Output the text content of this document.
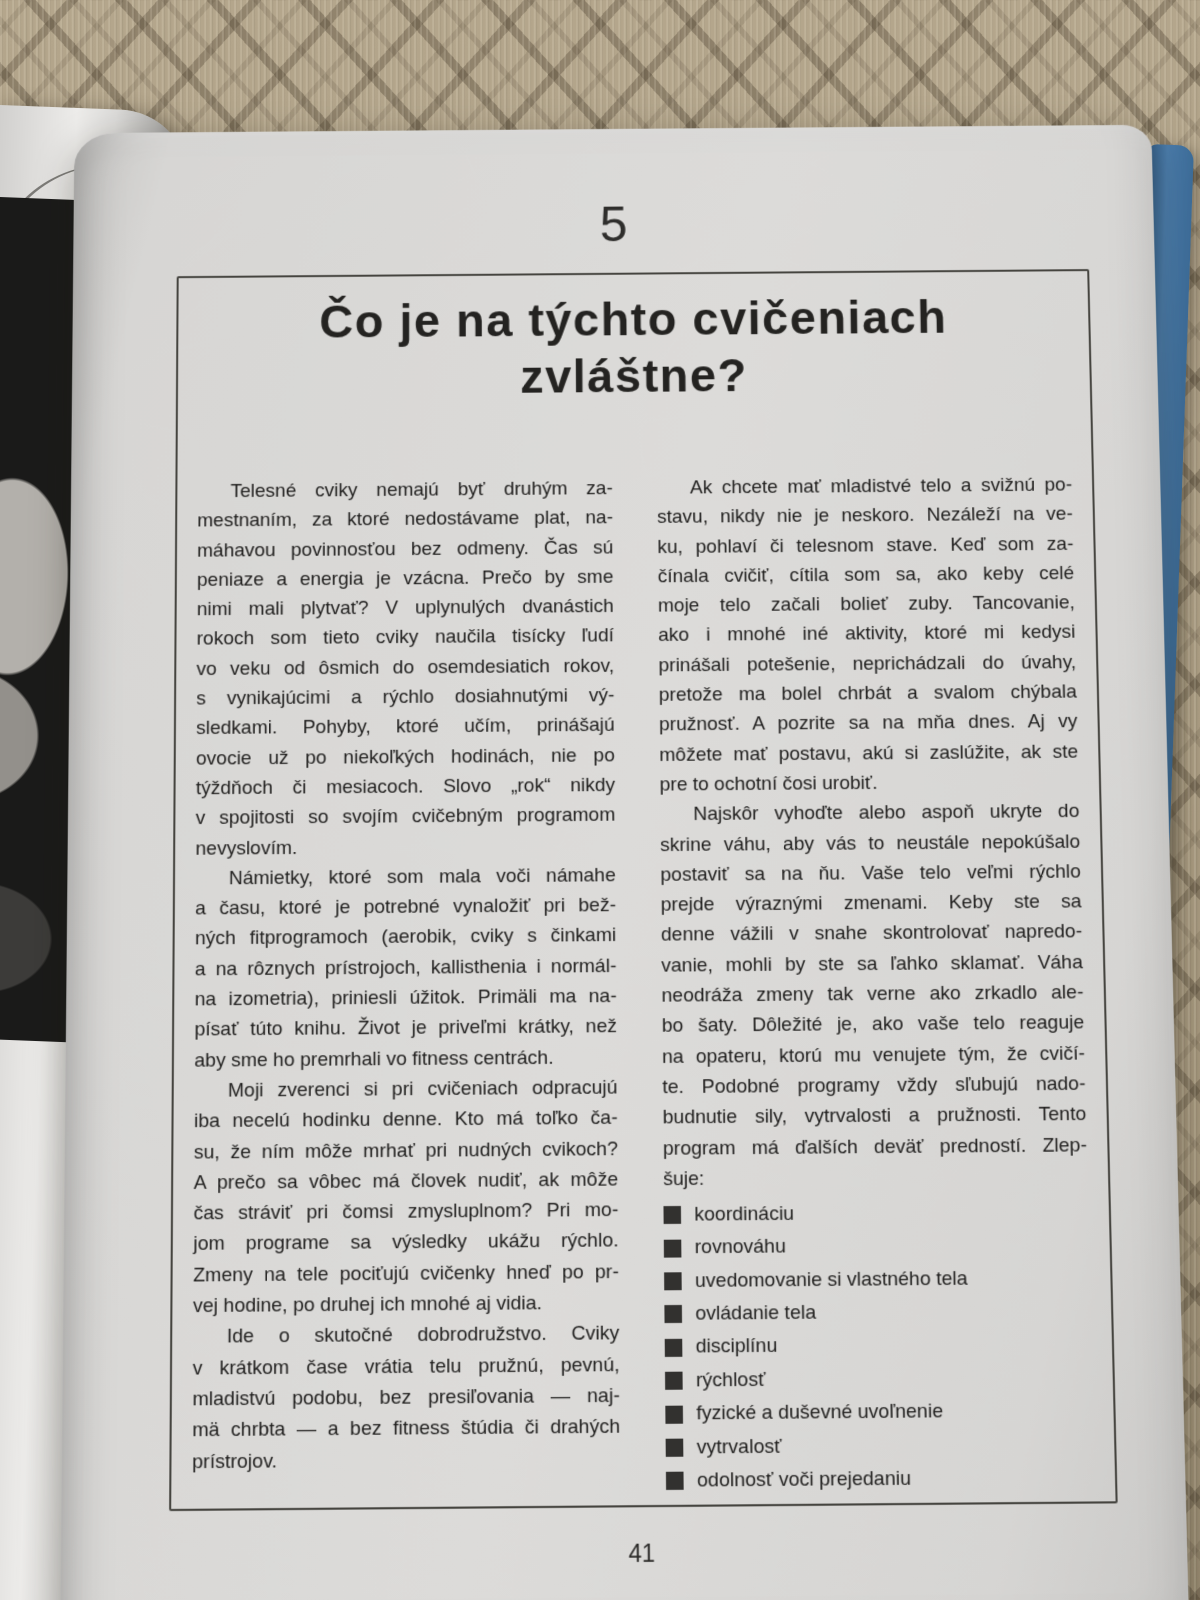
5
Čo je na týchto cvičeniach
zvláštne?
Telesné cviky nemajú byť druhým za-
mestnaním, za ktoré nedostávame plat, na-
máhavou povinnosťou bez odmeny. Čas sú
peniaze a energia je vzácna. Prečo by sme
nimi mali plytvať? V uplynulých dvanástich
rokoch som tieto cviky naučila tisícky ľudí
vo veku od ôsmich do osemdesiatich rokov,
s vynikajúcimi a rýchlo dosiahnutými vý-
sledkami. Pohyby, ktoré učím, prinášajú
ovocie už po niekoľkých hodinách, nie po
týždňoch či mesiacoch. Slovo „rok“ nikdy
v spojitosti so svojím cvičebným programom
nevyslovím.
Námietky, ktoré som mala voči námahe
a času, ktoré je potrebné vynaložiť pri bež-
ných fitprogramoch (aerobik, cviky s činkami
a na rôznych prístrojoch, kallisthenia i normál-
na izometria), priniesli úžitok. Primäli ma na-
písať túto knihu. Život je priveľmi krátky, než
aby sme ho premrhali vo fitness centrách.
Moji zverenci si pri cvičeniach odpracujú
iba necelú hodinku denne. Kto má toľko ča-
su, že ním môže mrhať pri nudných cvikoch?
A prečo sa vôbec má človek nudiť, ak môže
čas stráviť pri čomsi zmysluplnom? Pri mo-
jom programe sa výsledky ukážu rýchlo.
Zmeny na tele pociťujú cvičenky hneď po pr-
vej hodine, po druhej ich mnohé aj vidia.
Ide o skutočné dobrodružstvo. Cviky
v krátkom čase vrátia telu pružnú, pevnú,
mladistvú podobu, bez presiľovania — naj-
mä chrbta — a bez fitness štúdia či drahých
prístrojov.
Ak chcete mať mladistvé telo a svižnú po-
stavu, nikdy nie je neskoro. Nezáleží na ve-
ku, pohlaví či telesnom stave. Keď som za-
čínala cvičiť, cítila som sa, ako keby celé
moje telo začali bolieť zuby. Tancovanie,
ako i mnohé iné aktivity, ktoré mi kedysi
prinášali potešenie, neprichádzali do úvahy,
pretože ma bolel chrbát a svalom chýbala
pružnosť. A pozrite sa na mňa dnes. Aj vy
môžete mať postavu, akú si zaslúžite, ak ste
pre to ochotní čosi urobiť.
Najskôr vyhoďte alebo aspoň ukryte do
skrine váhu, aby vás to neustále nepokúšalo
postaviť sa na ňu. Vaše telo veľmi rýchlo
prejde výraznými zmenami. Keby ste sa
denne vážili v snahe skontrolovať napredo-
vanie, mohli by ste sa ľahko sklamať. Váha
neodráža zmeny tak verne ako zrkadlo ale-
bo šaty. Dôležité je, ako vaše telo reaguje
na opateru, ktorú mu venujete tým, že cvičí-
te. Podobné programy vždy sľubujú nado-
budnutie sily, vytrvalosti a pružnosti. Tento
program má ďalších deväť predností. Zlep-
šuje:
koordináciu
rovnováhu
uvedomovanie si vlastného tela
ovládanie tela
disciplínu
rýchlosť
fyzické a duševné uvoľnenie
vytrvalosť
odolnosť voči prejedaniu
41
